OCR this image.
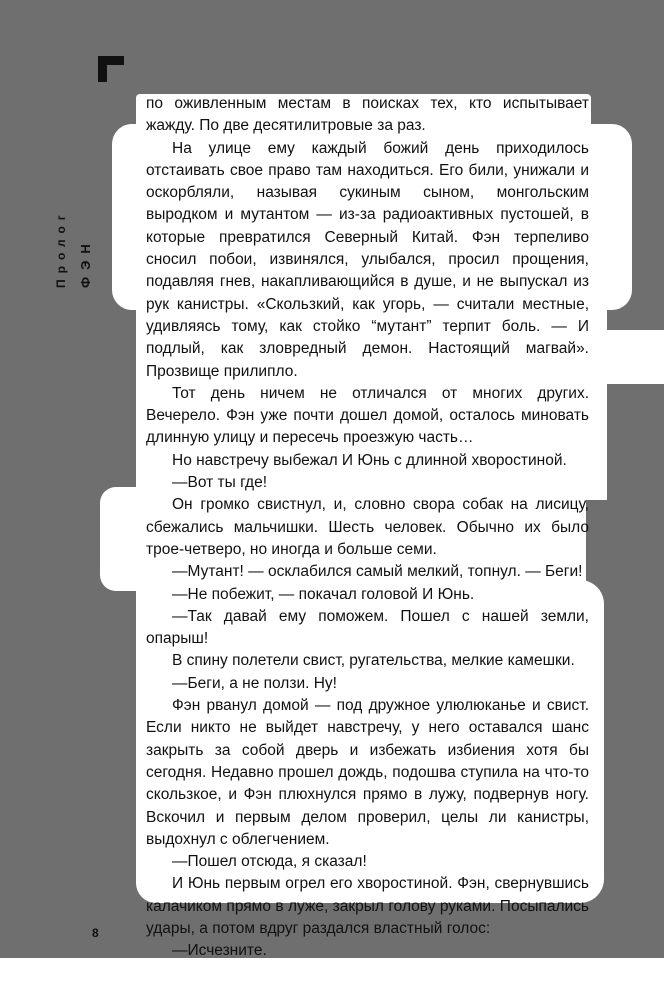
Пролог ФЭН

по оживленным местам в поисках тех, кто испытывает жажду. По две десятилитровые за раз.

На улице ему каждый божий день приходилось отстаивать свое право там находиться. Его били, унижали и оскорбляли, называя сукиным сыном, монгольским выродком и мутантом — из-за радиоактивных пустошей, в которые превратился Северный Китай. Фэн терпеливо сносил побои, извинялся, улыбался, просил прощения, подавляя гнев, накапливающийся в душе, и не выпускал из рук канистры. «Скользкий, как угорь, — считали местные, удивляясь тому, как стойко “мутант” терпит боль. — И подлый, как зловредный демон. Настоящий магвай». Прозвище прилипло.

Тот день ничем не отличался от многих других. Вечерело. Фэн уже почти дошел домой, осталось миновать длинную улицу и пересечь проезжую часть…

Но навстречу выбежал И Юнь с длинной хворостиной.

—Вот ты где!

Он громко свистнул, и, словно свора собак на лисицу, сбежались мальчишки. Шесть человек. Обычно их было трое-четверо, но иногда и больше семи.

—Мутант! — осклабился самый мелкий, топнул. — Беги!

—Не побежит, — покачал головой И Юнь.

—Так давай ему поможем. Пошел с нашей земли, опарыш!

В спину полетели свист, ругательства, мелкие камешки.

—Беги, а не ползи. Ну!

Фэн рванул домой — под дружное улюлюканье и свист. Если никто не выйдет навстречу, у него оставался шанс закрыть за собой дверь и избежать избиения хотя бы сегодня. Недавно прошел дождь, подошва ступила на что-то скользкое, и Фэн плюхнулся прямо в лужу, подвернув ногу. Вскочил и первым делом проверил, целы ли канистры, выдохнул с облегчением.

—Пошел отсюда, я сказал!

И Юнь первым огрел его хворостиной. Фэн, свернувшись калачиком прямо в луже, закрыл голову руками. Посыпались удары, а потом вдруг раздался властный голос:

—Исчезните.

8
